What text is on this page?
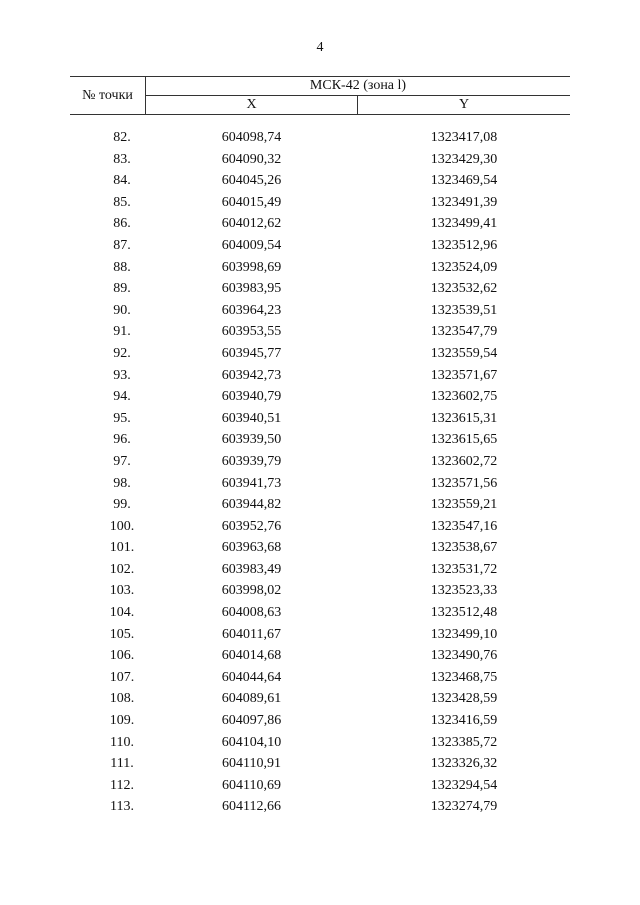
4
№ точки
МСК-42 (зона l)
X	Y
82.	604098,74	1323417,08
83.	604090,32	1323429,30
84.	604045,26	1323469,54
85.	604015,49	1323491,39
86.	604012,62	1323499,41
87.	604009,54	1323512,96
88.	603998,69	1323524,09
89.	603983,95	1323532,62
90.	603964,23	1323539,51
91.	603953,55	1323547,79
92.	603945,77	1323559,54
93.	603942,73	1323571,67
94.	603940,79	1323602,75
95.	603940,51	1323615,31
96.	603939,50	1323615,65
97.	603939,79	1323602,72
98.	603941,73	1323571,56
99.	603944,82	1323559,21
100.	603952,76	1323547,16
101.	603963,68	1323538,67
102.	603983,49	1323531,72
103.	603998,02	1323523,33
104.	604008,63	1323512,48
105.	604011,67	1323499,10
106.	604014,68	1323490,76
107.	604044,64	1323468,75
108.	604089,61	1323428,59
109.	604097,86	1323416,59
110.	604104,10	1323385,72
111.	604110,91	1323326,32
112.	604110,69	1323294,54
113.	604112,66	1323274,79
